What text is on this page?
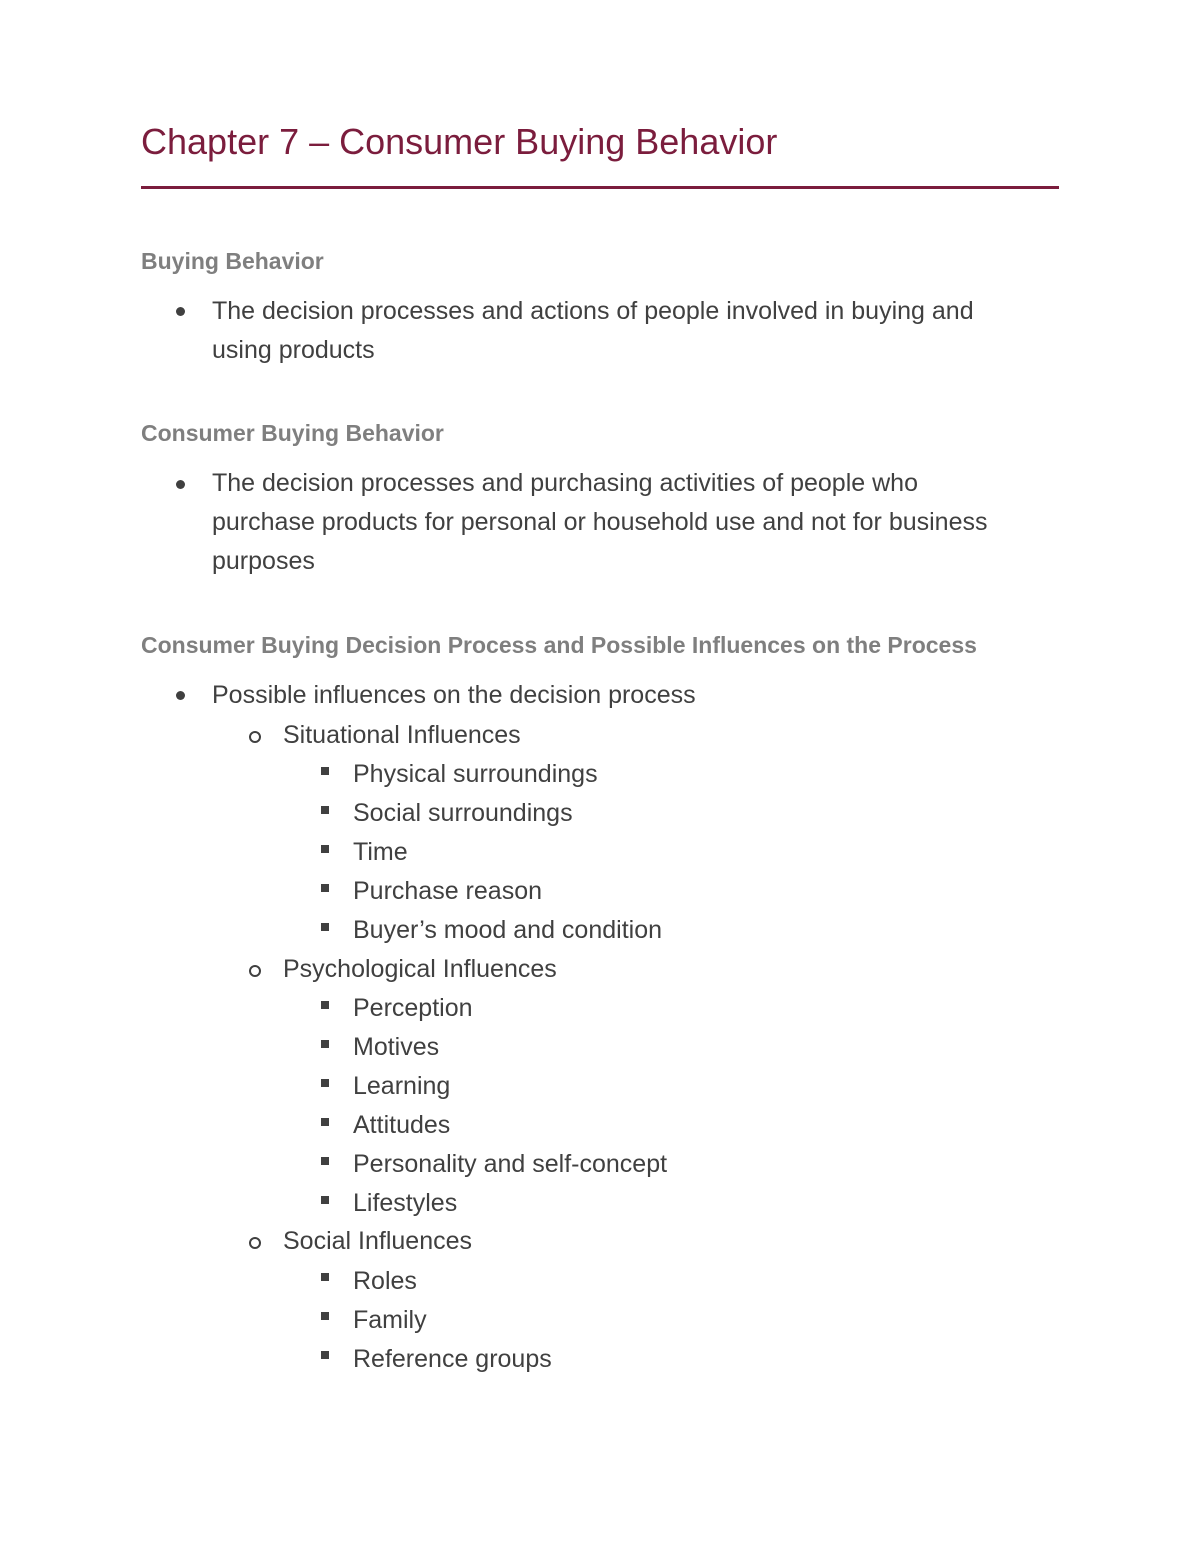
Chapter 7 – Consumer Buying Behavior
Buying Behavior

The decision processes and actions of people involved in buying and
using products

Consumer Buying Behavior

The decision processes and purchasing activities of people who
purchase products for personal or household use and not for business
purposes

Consumer Buying Decision Process and Possible Influences on the Process
Possible influences on the decision process
Situational Influences
Physical surroundings
Social surroundings
Time
Purchase reason
Buyer’s mood and condition
Psychological Influences
Perception
Motives
Learning
Attitudes
Personality and self-concept
Lifestyles
Social Influences
Roles
Family
Reference groups
